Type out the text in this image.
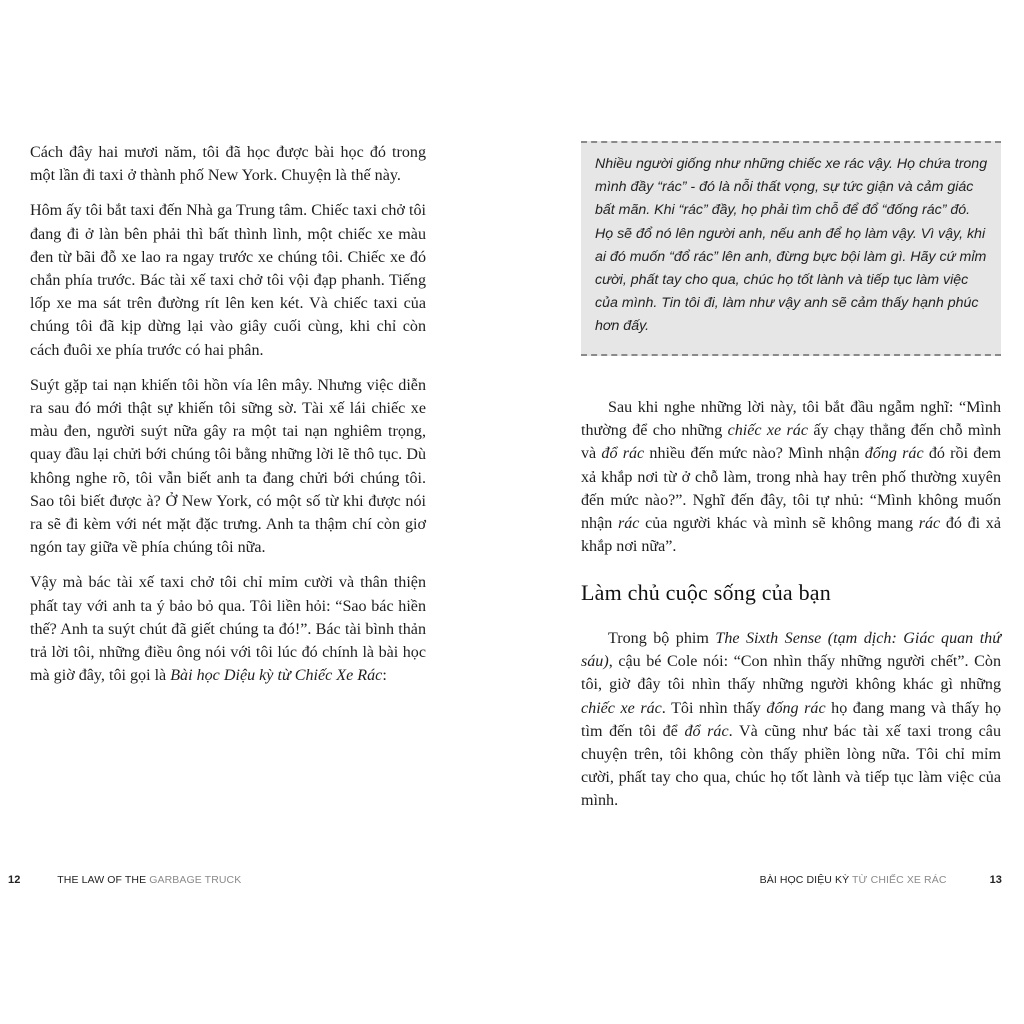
Cách đây hai mươi năm, tôi đã học được bài học đó trong một lần đi taxi ở thành phố New York. Chuyện là thế này.

Hôm ấy tôi bắt taxi đến Nhà ga Trung tâm. Chiếc taxi chở tôi đang đi ở làn bên phải thì bất thình lình, một chiếc xe màu đen từ bãi đỗ xe lao ra ngay trước xe chúng tôi. Chiếc xe đó chắn phía trước. Bác tài xế taxi chở tôi vội đạp phanh. Tiếng lốp xe ma sát trên đường rít lên ken két. Và chiếc taxi của chúng tôi đã kịp dừng lại vào giây cuối cùng, khi chỉ còn cách đuôi xe phía trước có hai phân.

Suýt gặp tai nạn khiến tôi hồn vía lên mây. Nhưng việc diễn ra sau đó mới thật sự khiến tôi sững sờ. Tài xế lái chiếc xe màu đen, người suýt nữa gây ra một tai nạn nghiêm trọng, quay đầu lại chửi bới chúng tôi bằng những lời lẽ thô tục. Dù không nghe rõ, tôi vẫn biết anh ta đang chửi bới chúng tôi. Sao tôi biết được à? Ở New York, có một số từ khi được nói ra sẽ đi kèm với nét mặt đặc trưng. Anh ta thậm chí còn giơ ngón tay giữa về phía chúng tôi nữa.

Vậy mà bác tài xế taxi chở tôi chỉ mỉm cười và thân thiện phất tay với anh ta ý bảo bỏ qua. Tôi liền hỏi: “Sao bác hiền thế? Anh ta suýt chút đã giết chúng ta đó!”. Bác tài bình thản trả lời tôi, những điều ông nói với tôi lúc đó chính là bài học mà giờ đây, tôi gọi là Bài học Diệu kỳ từ Chiếc Xe Rác:

12	THE LAW OF THE GARBAGE TRUCK

Nhiều người giống như những chiếc xe rác vậy. Họ chứa trong mình đầy “rác” - đó là nỗi thất vọng, sự tức giận và cảm giác bất mãn. Khi “rác” đầy, họ phải tìm chỗ để đổ “đống rác” đó. Họ sẽ đổ nó lên người anh, nếu anh để họ làm vậy. Vì vậy, khi ai đó muốn “đổ rác” lên anh, đừng bực bội làm gì. Hãy cứ mỉm cười, phất tay cho qua, chúc họ tốt lành và tiếp tục làm việc của mình. Tin tôi đi, làm như vậy anh sẽ cảm thấy hạnh phúc hơn đấy.

Sau khi nghe những lời này, tôi bắt đầu ngẫm nghĩ: “Mình thường để cho những chiếc xe rác ấy chạy thẳng đến chỗ mình và đổ rác nhiều đến mức nào? Mình nhận đống rác đó rồi đem xả khắp nơi từ ở chỗ làm, trong nhà hay trên phố thường xuyên đến mức nào?”. Nghĩ đến đây, tôi tự nhủ: “Mình không muốn nhận rác của người khác và mình sẽ không mang rác đó đi xả khắp nơi nữa”.

Làm chủ cuộc sống của bạn

Trong bộ phim The Sixth Sense (tạm dịch: Giác quan thứ sáu), cậu bé Cole nói: “Con nhìn thấy những người chết”. Còn tôi, giờ đây tôi nhìn thấy những người không khác gì những chiếc xe rác. Tôi nhìn thấy đống rác họ đang mang và thấy họ tìm đến tôi để đổ rác. Và cũng như bác tài xế taxi trong câu chuyện trên, tôi không còn thấy phiền lòng nữa. Tôi chỉ mỉm cười, phất tay cho qua, chúc họ tốt lành và tiếp tục làm việc của mình.

BÀI HỌC DIỆU KỲ TỪ CHIẾC XE RÁC	13
